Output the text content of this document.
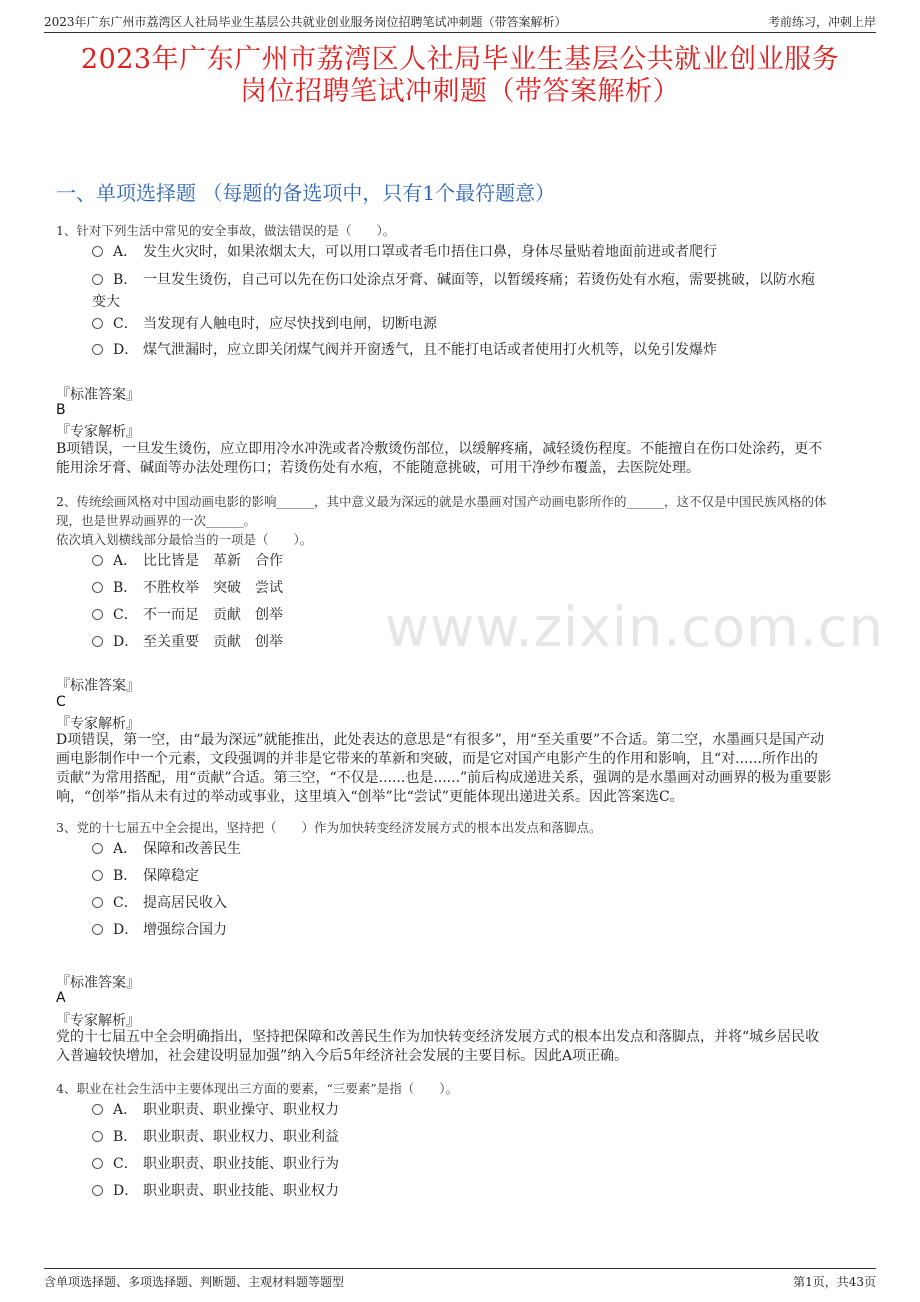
2023年广东广州市荔湾区人社局毕业生基层公共就业创业服务岗位招聘笔试冲刺题（带答案解析）	考前练习，冲刺上岸
2023年广东广州市荔湾区人社局毕业生基层公共就业创业服务
岗位招聘笔试冲刺题（带答案解析）
一、单项选择题 （每题的备选项中，只有1个最符题意）
1、针对下列生活中常见的安全事故，做法错误的是（　　）。
A． 发生火灾时，如果浓烟太大，可以用口罩或者毛巾捂住口鼻，身体尽量贴着地面前进或者爬行
B． 一旦发生烫伤，自己可以先在伤口处涂点牙膏、碱面等，以暂缓疼痛；若烫伤处有水疱，需要挑破，以防水疱
变大
C． 当发现有人触电时，应尽快找到电闸，切断电源
D． 煤气泄漏时，应立即关闭煤气阀并开窗透气，且不能打电话或者使用打火机等，以免引发爆炸
『标准答案』
B
『专家解析』
B项错误，一旦发生烫伤，应立即用冷水冲洗或者冷敷烫伤部位，以缓解疼痛，减轻烫伤程度。不能擅自在伤口处涂药，更不
能用涂牙膏、碱面等办法处理伤口；若烫伤处有水疱，不能随意挑破，可用干净纱布覆盖，去医院处理。
2、传统绘画风格对中国动画电影的影响______，其中意义最为深远的就是水墨画对国产动画电影所作的______，这不仅是中国民族风格的体
现，也是世界动画界的一次______。
依次填入划横线部分最恰当的一项是（　　）。
A． 比比皆是　革新　合作
B． 不胜枚举　突破　尝试
C． 不一而足　贡献　创举
D． 至关重要　贡献　创举
『标准答案』
C
『专家解析』
D项错误，第一空，由“最为深远”就能推出，此处表达的意思是“有很多”，用“至关重要”不合适。第二空，水墨画只是国产动
画电影制作中一个元素，文段强调的并非是它带来的革新和突破，而是它对国产电影产生的作用和影响，且“对......所作出的
贡献”为常用搭配，用“贡献”合适。第三空，“不仅是......也是......”前后构成递进关系，强调的是水墨画对动画界的极为重要影
响，“创举”指从未有过的举动或事业，这里填入“创举”比“尝试”更能体现出递进关系。因此答案选C。
3、党的十七届五中全会提出，坚持把（　　）作为加快转变经济发展方式的根本出发点和落脚点。
A． 保障和改善民生
B． 保障稳定
C． 提高居民收入
D． 增强综合国力
『标准答案』
A
『专家解析』
党的十七届五中全会明确指出，坚持把保障和改善民生作为加快转变经济发展方式的根本出发点和落脚点，并将“城乡居民收
入普遍较快增加，社会建设明显加强”纳入今后5年经济社会发展的主要目标。因此A项正确。
4、职业在社会生活中主要体现出三方面的要素，“三要素”是指（　　）。
A． 职业职责、职业操守、职业权力
B． 职业职责、职业权力、职业利益
C． 职业职责、职业技能、职业行为
D． 职业职责、职业技能、职业权力
www.zixin.com.cn
含单项选择题、多项选择题、判断题、主观材料题等题型	第1页，共43页
